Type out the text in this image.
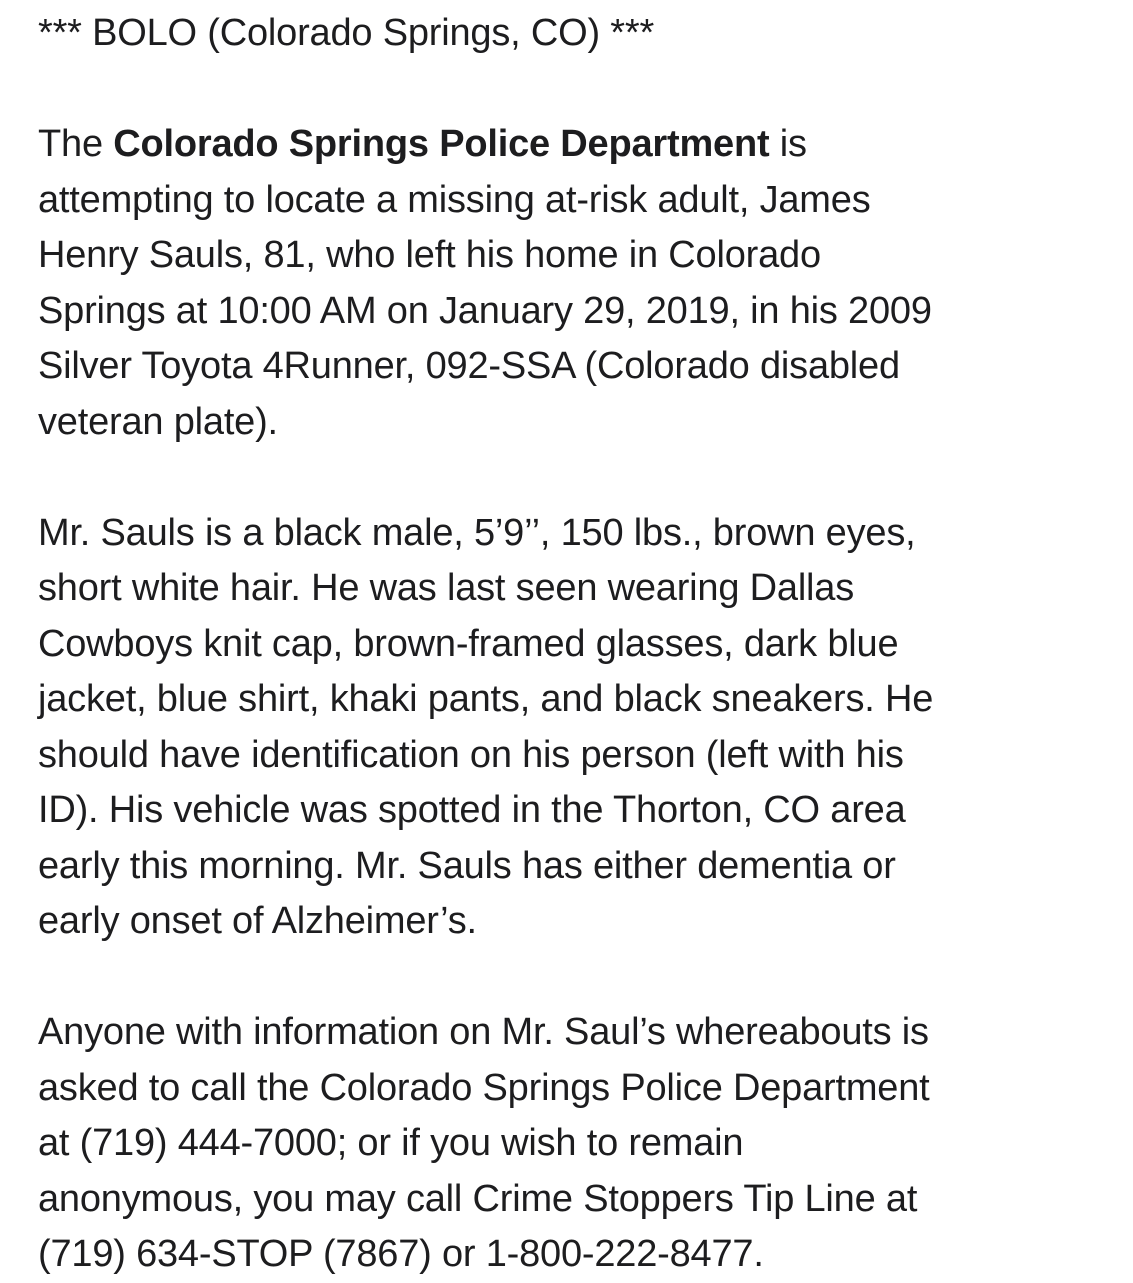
*** BOLO (Colorado Springs, CO) ***

The Colorado Springs Police Department is
attempting to locate a missing at-risk adult, James
Henry Sauls, 81, who left his home in Colorado
Springs at 10:00 AM on January 29, 2019, in his 2009
Silver Toyota 4Runner, 092-SSA (Colorado disabled
veteran plate).

Mr. Sauls is a black male, 5’9’’, 150 lbs., brown eyes,
short white hair. He was last seen wearing Dallas
Cowboys knit cap, brown-framed glasses, dark blue
jacket, blue shirt, khaki pants, and black sneakers. He
should have identification on his person (left with his
ID). His vehicle was spotted in the Thorton, CO area
early this morning. Mr. Sauls has either dementia or
early onset of Alzheimer’s.

Anyone with information on Mr. Saul’s whereabouts is
asked to call the Colorado Springs Police Department
at (719) 444-7000; or if you wish to remain
anonymous, you may call Crime Stoppers Tip Line at
(719) 634-STOP (7867) or 1-800-222-8477.
